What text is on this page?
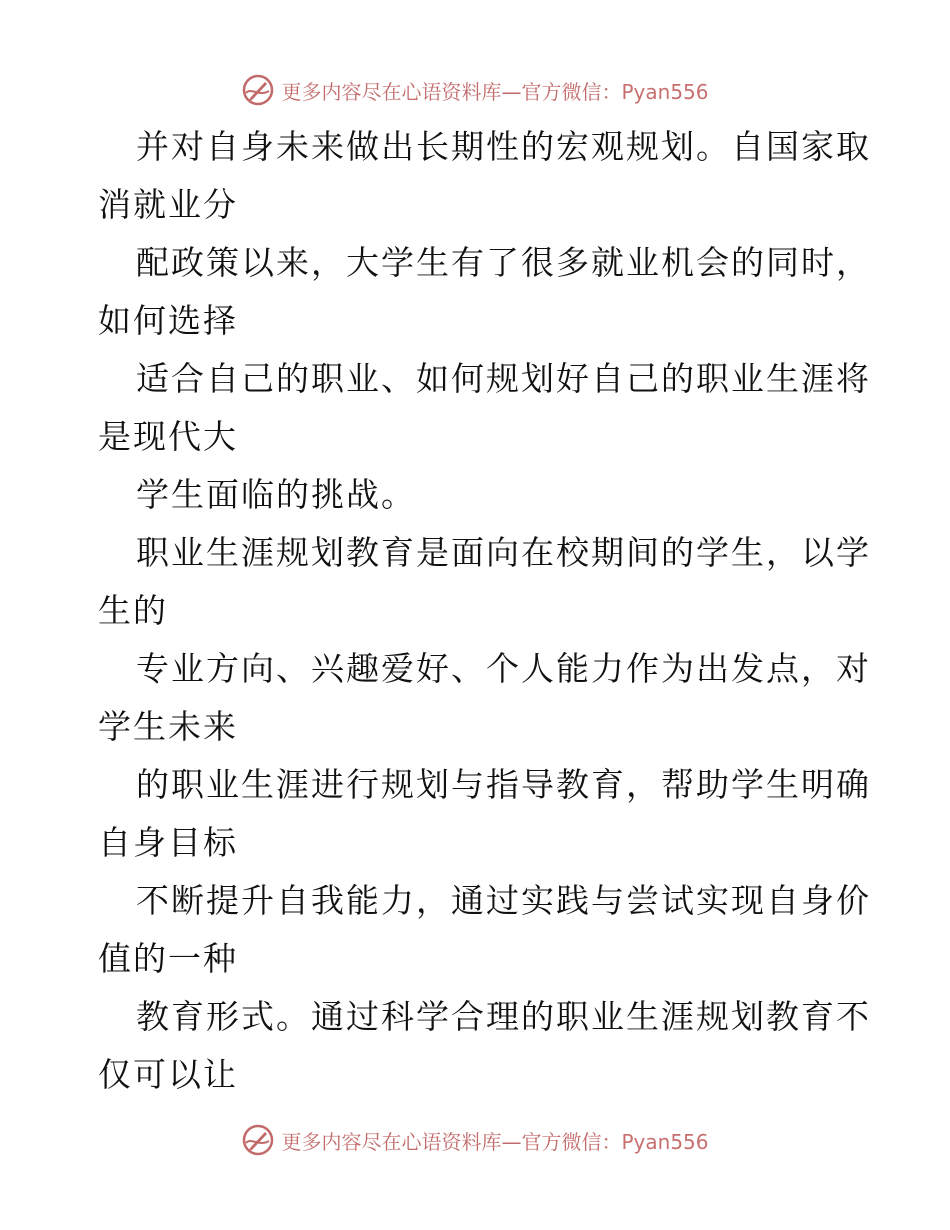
更多内容尽在心语资料库—官方微信：Pyan556
并对自身未来做出长期性的宏观规划。自国家取
消就业分
配政策以来，大学生有了很多就业机会的同时，
如何选择
适合自己的职业、如何规划好自己的职业生涯将
是现代大
学生面临的挑战。
职业生涯规划教育是面向在校期间的学生，以学
生的
专业方向、兴趣爱好、个人能力作为出发点，对
学生未来
的职业生涯进行规划与指导教育，帮助学生明确
自身目标
不断提升自我能力，通过实践与尝试实现自身价
值的一种
教育形式。通过科学合理的职业生涯规划教育不
仅可以让
更多内容尽在心语资料库—官方微信：Pyan556
